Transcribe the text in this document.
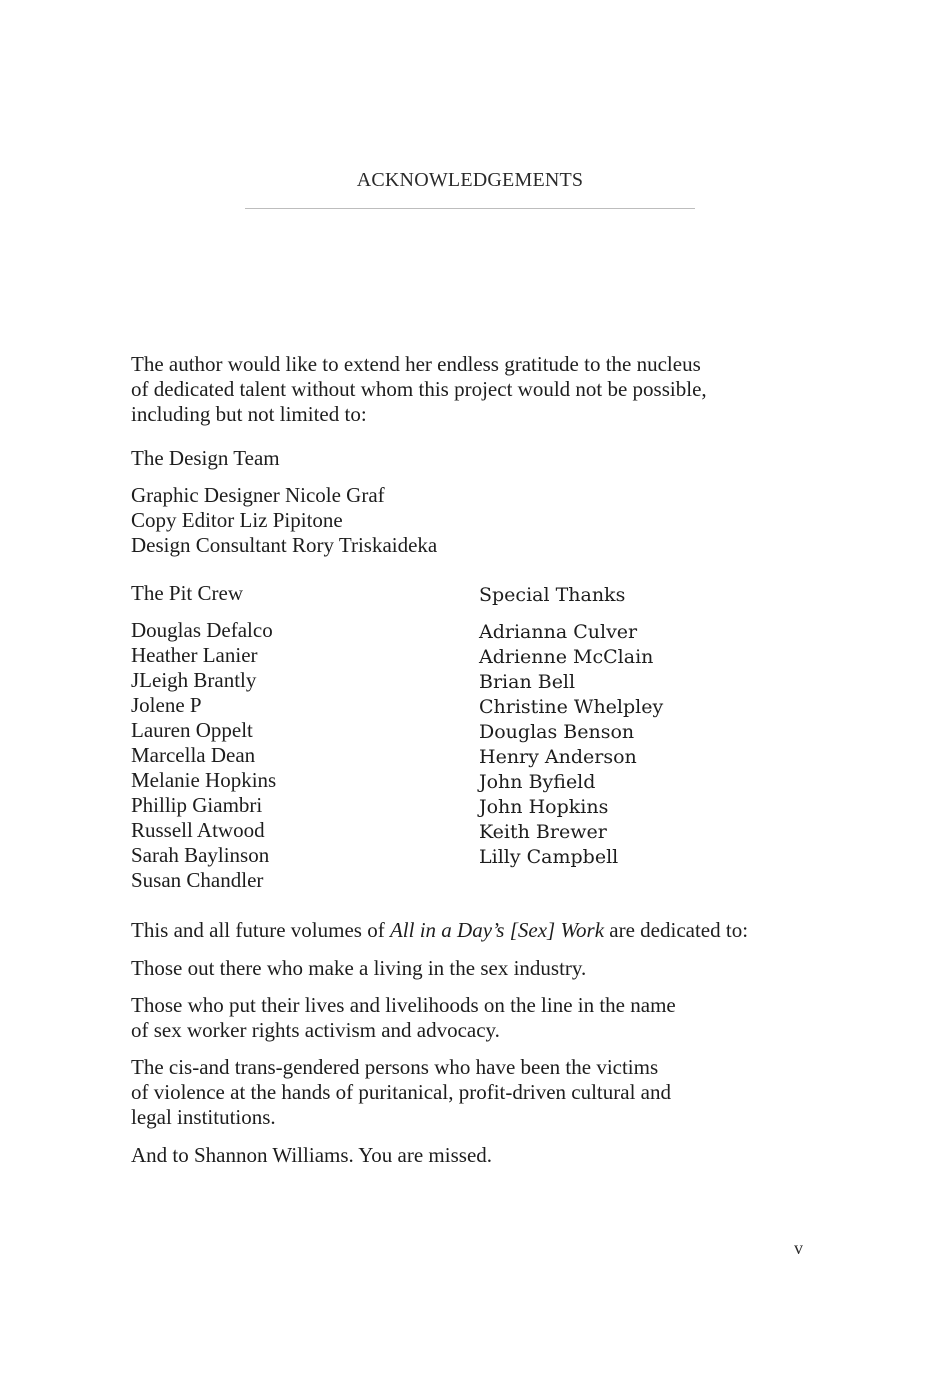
ACKNOWLEDGEMENTS

The author would like to extend her endless gratitude to the nucleus

of dedicated talent without whom this project would not be possible,

including but not limited to:

The Design Team

Graphic Designer Nicole Graf

Copy Editor Liz Pipitone

Design Consultant Rory Triskaideka

The Pit Crew

Douglas Defalco
Heather Lanier
JLeigh Brantly
Jolene P
Lauren Oppelt
Marcella Dean
Melanie Hopkins
Phillip Giambri
Russell Atwood
Sarah Baylinson
Susan Chandler

Special Thanks

Adrianna Culver
Adrienne McClain
Brian Bell
Christine Whelpley
Douglas Benson
Henry Anderson
John Byfield
John Hopkins
Keith Brewer
Lilly Campbell

This and all future volumes of All in a Day’s [Sex] Work are dedicated to:

Those out there who make a living in the sex industry.

Those who put their lives and livelihoods on the line in the name

of sex worker rights activism and advocacy.

The cis-and trans-gendered persons who have been the victims

of violence at the hands of puritanical, profit-driven cultural and

legal institutions.

And to Shannon Williams. You are missed.

v
